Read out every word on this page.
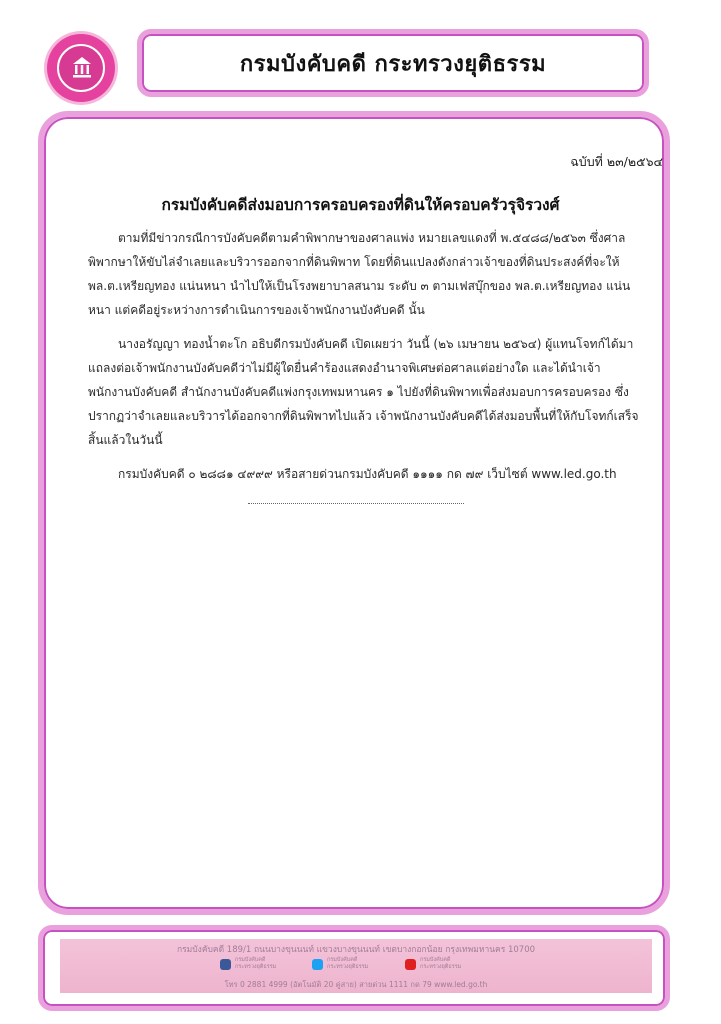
กรมบังคับคดี กระทรวงยุติธรรม
ฉบับที่ ๒๓/๒๕๖๔
กรมบังคับคดีส่งมอบการครอบครองที่ดินให้ครอบครัวรุจิรวงศ์

ตามที่มีข่าวกรณีการบังคับคดีตามคำพิพากษาของศาลแพ่ง หมายเลขแดงที่ พ.๕๔๘๘/๒๕๖๓ ซึ่งศาลพิพากษาให้ขับไล่จำเลยและบริวารออกจากที่ดินพิพาท โดยที่ดินแปลงดังกล่าวเจ้าของที่ดินประสงค์ที่จะให้ พล.ต.เหรียญทอง แน่นหนา นำไปให้เป็นโรงพยาบาลสนาม ระดับ ๓ ตามเฟสบุ๊กของ พล.ต.เหรียญทอง แน่นหนา แต่คดีอยู่ระหว่างการดำเนินการของเจ้าพนักงานบังคับคดี นั้น

นางอรัญญา ทองน้ำตะโก อธิบดีกรมบังคับคดี เปิดเผยว่า วันนี้ (๒๖ เมษายน ๒๕๖๔) ผู้แทนโจทก์ได้มาแถลงต่อเจ้าพนักงานบังคับคดีว่าไม่มีผู้ใดยื่นคำร้องแสดงอำนาจพิเศษต่อศาลแต่อย่างใด และได้นำเจ้าพนักงานบังคับคดี สำนักงานบังคับคดีแพ่งกรุงเทพมหานคร ๑ ไปยังที่ดินพิพาทเพื่อส่งมอบการครอบครอง ซึ่งปรากฏว่าจำเลยและบริวารได้ออกจากที่ดินพิพาทไปแล้ว เจ้าพนักงานบังคับคดีได้ส่งมอบพื้นที่ให้กับโจทก์เสร็จสิ้นแล้วในวันนี้

กรมบังคับคดี ๐ ๒๘๘๑ ๔๙๙๙ หรือสายด่วนกรมบังคับคดี ๑๑๑๑ กด ๗๙ เว็บไซต์ www.led.go.th

กรมบังคับคดี 189/1 ถนนบางขุนนนท์ แขวงบางขุนนนท์ เขตบางกอกน้อย กรุงเทพมหานคร 10700
กรมบังคับคดี
กระทรวงยุติธรรม
กรมบังคับคดี
กระทรวงยุติธรรม
กรมบังคับคดี
กระทรวงยุติธรรม
โทร 0 2881 4999 (อัตโนมัติ 20 คู่สาย) สายด่วน 1111 กด 79 www.led.go.th
